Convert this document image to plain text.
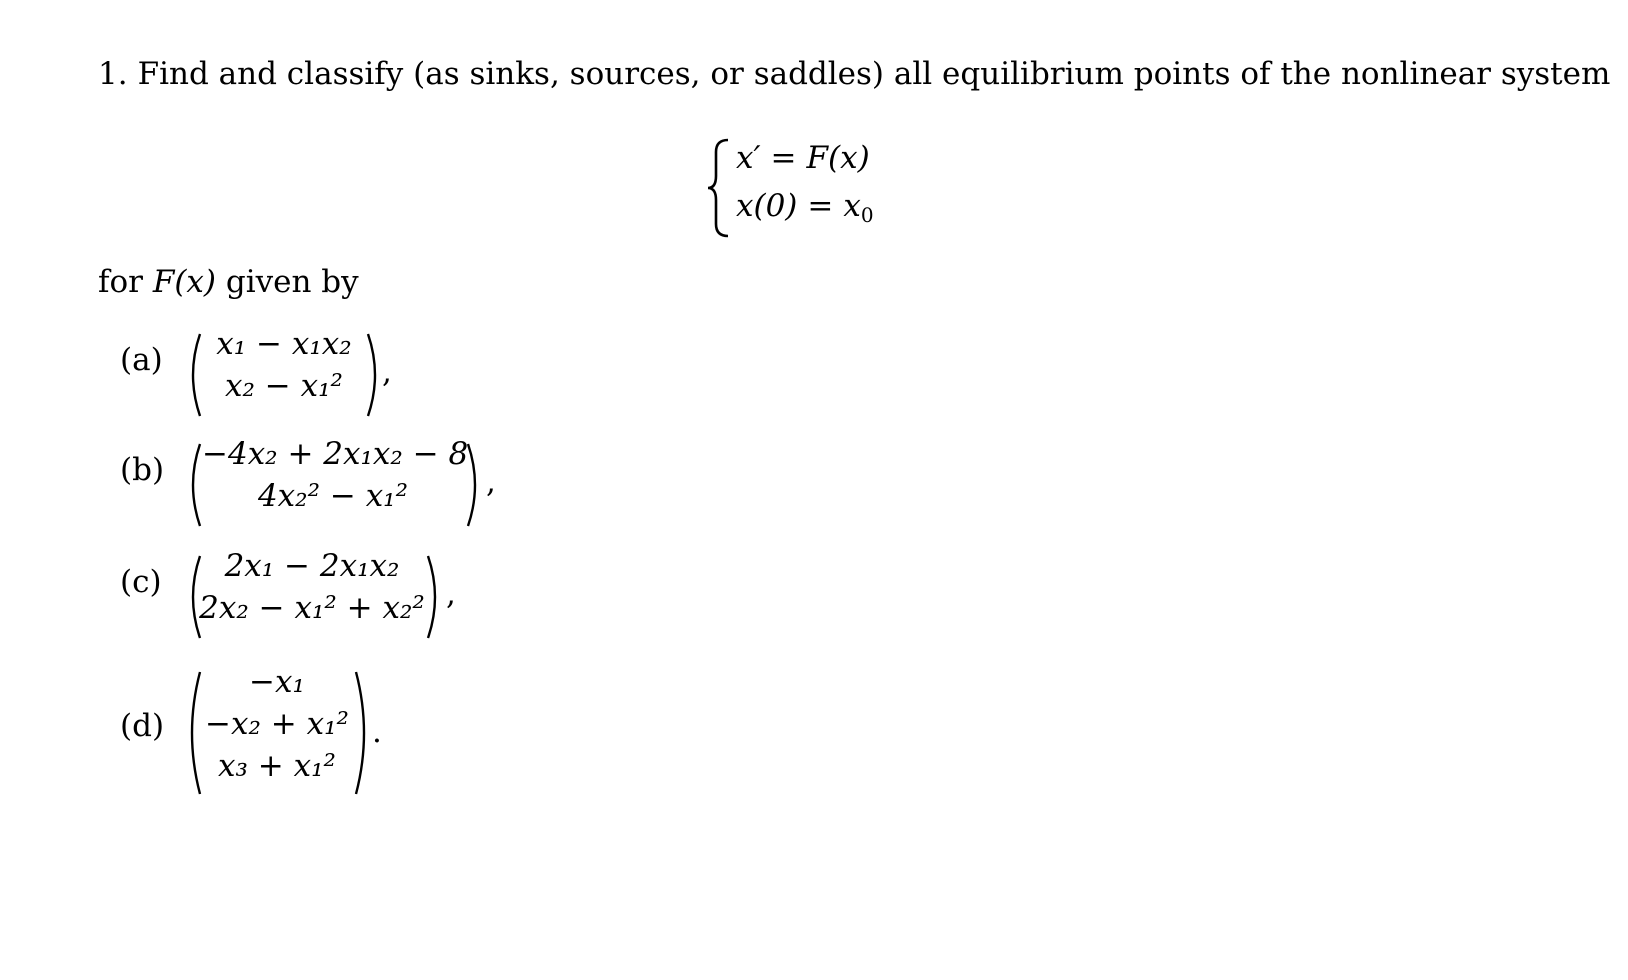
1. Find and classify (as sinks, sources, or saddles) all equilibrium points of the nonlinear system
x′ = F(x)
$x(0) = x_0$
for F(x) given by
(a)	x₁ − x₁x₂
x₂ − x₁²	,
(b) −4x₂ + 2x₁x₂ − 8
4x₂² − x₁²	,
(c)	2x₁ − 2x₁x₂
2x₂ − x₁² + x₂² ,
(d)
−x₁
−x₂ + x₁²
x₃ + x₁²
.
